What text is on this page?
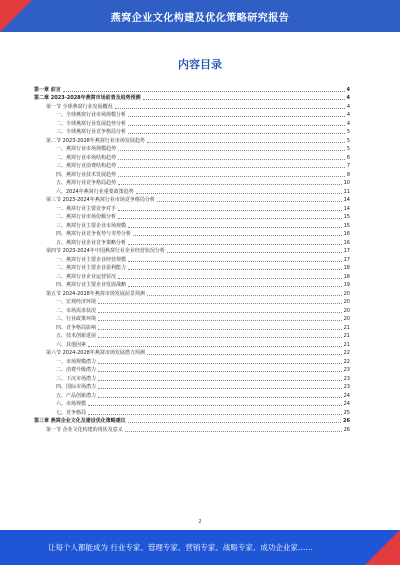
燕窝企业文化构建及优化策略研究报告
内容目录
第一章 前言	4
第二章 2023-2028年燕窝市场前景及趋势预测	4
第一节 全球燕窝行业发展概况	4
一、全球燕窝行业市场规模分析	4
二、全球燕窝行业发展趋势分析	4
三、全球燕窝行业竞争格局分析	5
第二节 2023-2028年燕窝行业市场发展趋势	5
一、燕窝行业市场规模趋势	5
二、燕窝行业市场结构趋势	6
三、燕窝行业消费结构趋势	7
四、燕窝行业技术发展趋势	8
五、燕窝行业竞争格局趋势	10
六、2024年燕窝行业重要政策趋势	11
第三节 2023-2024年燕窝行业市场竞争格局分析	14
一、燕窝行业主要竞争对手	14
二、燕窝行业市场份额分析	15
三、燕窝行业主要企业市场规模	15
四、燕窝行业竞争优势与劣势分析	16
五、燕窝行业企业竞争策略分析	16
第四节 2023-2024年中国燕窝行业企业经营状况分析	17
一、燕窝行业主要企业经营规模	17
二、燕窝行业主要企业盈利能力	18
三、燕窝行业企业运营状况	18
四、燕窝行业主要企业发展战略	19
第五节 2024-2028年燕窝市场发展前景预测	20
一、宏观经济环境	20
二、市场需求状况	20
三、行业政策环境	20
四、竞争格局影响	21
五、技术创新进展	21
六、其他因素	21
第六节 2024-2028年燕窝市场发展潜力预测	22
一、市场规模潜力	22
二、消费升级潜力	23
三、下沉市场潜力	23
四、国际市场潜力	23
五、产品创新潜力	24
六、市场规模	24
七、竞争格局	25
第三章 燕窝企业文化及建设优化策略建议	26
第一节 企业文化构建的现状及意义	26
2
让每个人都能成为 行业专家、管理专家、营销专家、战略专家、成功企业家……
